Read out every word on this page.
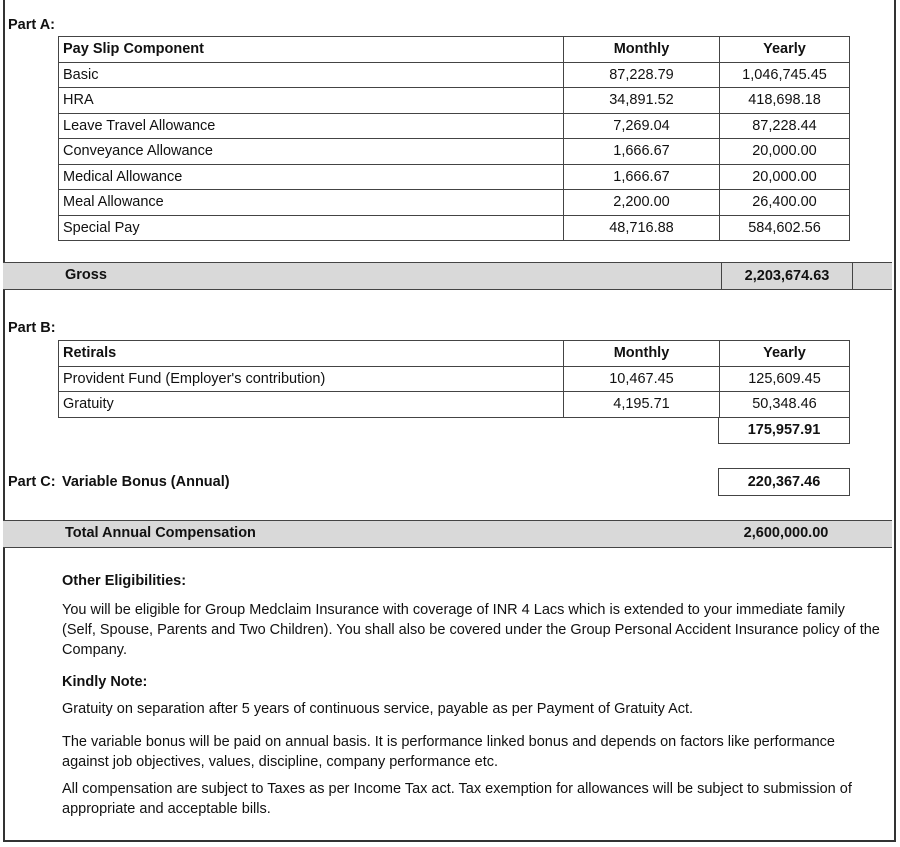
Part A:
Pay Slip Component	Monthly	Yearly
Basic	87,228.79	1,046,745.45
HRA	34,891.52	418,698.18
Leave Travel Allowance	7,269.04	87,228.44
Conveyance Allowance	1,666.67	20,000.00
Medical Allowance	1,666.67	20,000.00
Meal Allowance	2,200.00	26,400.00
Special Pay	48,716.88	584,602.56
Gross	2,203,674.63
Part B:
Retirals	Monthly	Yearly
Provident Fund (Employer's contribution)	10,467.45	125,609.45
Gratuity	4,195.71	50,348.46
175,957.91
Part C: Variable Bonus (Annual)	220,367.46
Total Annual Compensation	2,600,000.00
Other Eligibilities:
You will be eligible for Group Medclaim Insurance with coverage of INR 4 Lacs which is extended to your immediate family
(Self, Spouse, Parents and Two Children). You shall also be covered under the Group Personal Accident Insurance policy of the
Company.
Kindly Note:
Gratuity on separation after 5 years of continuous service, payable as per Payment of Gratuity Act.
The variable bonus will be paid on annual basis. It is performance linked bonus and depends on factors like performance
against job objectives, values, discipline, company performance etc.
All compensation are subject to Taxes as per Income Tax act. Tax exemption for allowances will be subject to submission of
appropriate and acceptable bills.
